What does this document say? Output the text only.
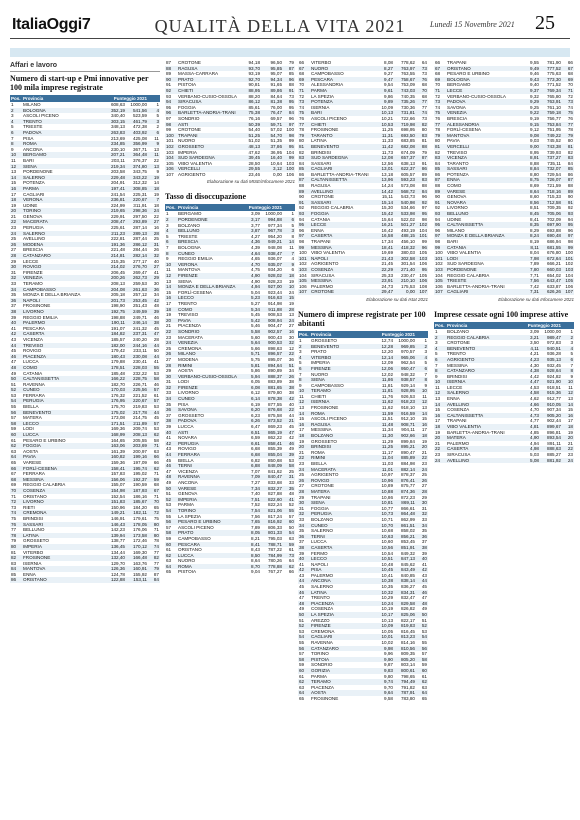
ItaliaOggi7	QUALITÀ DELLA VITA 2021	Lunedì 15 Novembre 2021 25
Affari e lavoro
Numero di start-up e Pmi innovative per 100 mila imprese registrate
Pos. Provincia	Punteggio 2021
1	MILANO	608,63	1000,00	1
2	BOLOGNA	352,19	541,56	4
3	ASCOLI PICENO	340,40	523,59	5
4	TRENTO	303,15	461,79	3
5	TRIESTE	348,13	472,38	2
6	PADOVA	263,83	403,92	6
7	PISA	213,69	425,08	11
8	ROMA	234,85	356,99	9
9	ANCONA	230,10	367,71	13
10	BERGAMO	207,21	364,48	11
11	BARI	203,11	376,37	22
12	SIENA	219,34	374,80	13
13	PORDENONE	203,58	343,75	9
14	SALERNO	229,48	343,22	19
15	POTENZA	204,91	312,32	14
16	PARMA	197,41	308,85	18
17	CAGLIARI	241,54	225,31	19
18	VERONA	236,81	220,67	7
19	UDINE	224,99	311,91	18
20	TORINO	219,65	298,36	24
21	GENOVA	229,91	297,50	22
22	MACERATA	208,47	293,89	27
23	PERUGIA	225,61	287,14	16
24	SALERNO	211,23	289,13	28
25	AVELLINO	222,81	287,44	25
26	MODENA	191,36	286,12	31
27	BRESCIA	221,48	284,44	26
28	CATANZARO	214,81	282,14	32
29	LECCE	215,35	277,17	40
30	ROVIGO	214,02	276,70	27
31	FIRENZE	206,45	269,47	41
32	VENEZIA	200,26	262,73	29
33	TERAMO	208,13	259,53	30
34	CAMPOBASSO	204,08	261,63	36
35	MONZA E DELLA BRIANZA	205,18	257,12	34
36	NAPOLI	201,73	253,45	42
37	FROSINONE	198,90	251,43	48
38	LIVORNO	192,75	249,59	39
39	REGGIO EMILIA	198,88	249,71	46
40	PALERMO	190,11	246,14	38
41	PESCARA	191,07	241,32	45
42	CASERTA	184,82	237,31	47
43	VICENZA	185,57	240,20	28
44	TREVISO	182,00	244,16	44
45	ROVIGO	179,42	233,11	50
46	PIACENZA	180,43	230,08	44
47	LUCCA	179,88	230,41	41
48	COMO	178,51	228,03	55
49	CATANIA	185,48	232,22	53
50	CALTANISSETTA	166,22	228,75	58
51	RAVENNA	182,70	226,71	46
52	CUNEO	170,03	225,56	57
53	FERRARA	176,32	221,52	61
54	PERUGIA	176,95	220,67	57
55	BIELLA	175,70	219,83	53
56	BENEVENTO	175,02	217,78	44
57	MATERA	173,08	214,75	45
58	LECCO	171,51	211,89	57
59	LODI	169,36	209,74	53
60	LUCCA	168,99	208,13	62
61	PESARO E URBINO	164,65	205,55	58
62	FOGGIA	163,06	203,69	71
63	AOSTA	161,39	200,97	63
64	PAVIA	160,82	199,16	66
65	VARESE	159,36	197,09	66
66	FORLÌ-CESENA	158,41	195,74	62
67	FERRARA	157,83	195,02	71
68	MESSINA	156,06	192,37	59
69	REGGIO CALABRIA	155,07	190,59	68
70	COSENZA	154,98	187,93	67
71	ORISTANO	152,54	186,16	71
72	LIVORNO	151,83	185,67	70
73	RIETI	150,96	184,20	65
74	CREMONA	149,21	182,11	72
75	BRINDISI	146,91	179,61	75
76	SASSARI	146,43	178,05	80
77	BELLUNO	142,23	176,06	71
78	LATINA	139,94	173,58	80
79	GROSSETO	138,77	172,46	78
80	IMPERIA	136,45	170,12	74
81	VITERBO	134,44	169,30	77
82	FROSINONE	132,40	166,48	82
83	ISERNIA	129,70	163,76	77
84	MANTOVA	126,36	160,91	79
85	ENNA	124,78	155,92	87
86	ORISTANO	122,88	153,11	84
87	CROTONE	94,18	96,50	79
88	RAGUSA	93,70	95,85	87
89	MASSA-CARRARA	93,19	95,07	85
90	PRATO	92,70	94,34	96
91	PISTOIA	90,81	91,65	88
92	CHIETI	88,95	89,86	91
93	VERBANO-CUSIO-OSSOLA	88,20	84,64	73
94	SIRACUSA	86,12	81,38	95
95	FOGGIA	85,61	76,00	95
96	BARLETTA-ANDRIA-TRANI	75,38	76,47	84
97	SONDRIO	76,16	69,57	96
98	ASTI	50,39	59,71	97
99	CROTONE	54,40	57,02 100
100 TRAPANI	51,25	54,70	98
101 NUORO	51,02	51,35	99
102 GROSSETO	48,13	37,86	95
103 IMPERIA	47,62	36,95 104
104 SUD SARDEGNA	39,45	16,40	99
105 VIBO VALENTIA	28,50	10,64 103
106 VERCELLI	29,55	3,12 100
107 AGRIGENTO	23,46	0,00 106
Elaborazione su dati MISE/Infocamere 2021
Tasso di disoccupazione
Pos. Provincia	Punteggio 2021
1	BERGAMO	3,09	1000,00	1
2	PORDENONE	3,17	994,88	6
3	BOLZANO	3,77	977,34	5
4	BELLUNO	3,87	967,78	3
5	TRIESTE	4,27	954,20	8
6	BRESCIA	4,36	949,21	14
7	BOLOGNA	4,39	948,08	11
8	CUNEO	4,64	938,47	7
9	REGGIO EMILIA	4,65	936,07	4
10	VERONA	4,70	935,07	9
11	MANTOVA	4,75	934,20	6
12	FIRENZE	4,90	928,02	18
13	SIENA	4,90	928,23	19
14	MONZA E DELLA BRIANZA	4,94	927,00	10
15	FORLÌ-CESENA	5,04	923,44	24
16	LECCO	5,23	916,63	15
17	TRENTO	5,27	914,98	19
18	COMO	5,34	911,88	28
19	TREVISO	5,45	908,53	13
20	PAVIA	5,42	908,94	24
21	PIACENZA	5,46	904,47	27
22	SONDRIO	5,58	902,57	16
23	MACERATA	5,60	900,43	30
24	VENEZIA	5,64	900,53	32
25	CREMONA	5,66	898,63	12
26	MILANO	5,71	896,57	22
27	MODENA	5,75	895,07	36
28	RIMINI	5,81	894,64	51
29	AOSTA	5,86	890,89	34
30	VERBANO-CUSIO-OSSOLA	5,94	888,37	26
31	LODI	6,05	883,89	38
32	FIRENZE	6,08	881,65	38
33	LIVORNO	6,12	879,80	38
34	CUNEO	6,14	878,38	42
35	PISA	6,19	877,55	40
36	SAVONA	6,20	876,68	22
37	GROSSETO	6,23	875,58	44
38	PADOVA	6,26	873,52	21
39	LUCCA	6,47	869,23	45
40	ASTI	6,51	865,19	47
41	NOVARA	6,59	862,22	42
42	PERUGIA	6,61	858,41	46
43	ROVIGO	6,68	855,39	49
44	FERRARA	6,68	855,04	39
45	BIELLA	6,82	850,68	53
46	TERNI	6,88	848,09	58
47	VICENZA	7,07	841,62	25
48	RAVENNA	7,09	840,47	31
49	ANCONA	7,27	833,68	33
50	VARESE	7,34	832,27	35
51	GENOVA	7,40	827,88	48
52	IMPERIA	7,51	822,60	41
53	PARMA	7,52	822,24	52
54	TORINO	7,54	821,06	55
55	LA SPEZIA	7,56	817,24	57
56	PESARO E URBINO	7,65	816,92	60
57	ASCOLI PICENO	7,89	806,33	50
58	PRATO	8,05	801,33	54
59	CAMPOBASSO	8,21	795,03	63
60	PESCARA	8,41	788,71	59
61	ORISTANO	8,43	787,22	61
62	LUCCA	8,50	784,99	73
63	NUORO	8,64	780,26	64
64	ROMA	8,70	778,88	62
65	PISTOIA	9,04	767,27	66
66	VITERBO	8,08	778,62	64
67	NUORO	8,27	763,97	73
68	CAMPOBASSO	9,27	763,55	73
69	PESCARA	9,47	758,67	76
70	ALESSANDRIA	9,54	753,09	68
71	PARMA	9,61	743,03	70
72	LA SPEZIA	9,86	740,35	68
73	POTENZA	9,89	735,26	77
74	ISERNIA	10,09	730,36	77
75	BARI	10,13	731,81	74
76	ASCOLI PICENO	10,21	722,66	73
77	CHIETI	10,53	719,98	82
78	FROSINONE	11,25	698,95	80
79	TARANTO	11,31	693,50	83
80	LATINA	11,33	683,85	81
81	BENEVENTO	11,42	682,08	88
82	BRINDISI	11,73	674,09	79
83	SUD SARDEGNA	12,08	657,37	87
84	SASSARI	12,56	638,13	91
85	CAGLIARI	13,01	622,37	86
86	BARLETTA-ANDRIA-TRANI	13,18	605,57	89
87	CALTANISSETTA	13,96	593,23	83
88	RAGUSA	14,24	573,08	88
89	AVELLINO	14,42	568,72	84
90	CROTONE	15,11	543,73	96
91	SASSARI	15,14	540,98	92
92	REGGIO CALABRIA	15,30	534,66	97
93	FOGGIA	15,42	533,98	95
94	CATANIA	15,64	522,02	98
95	LECCE	16,21	501,27 102
96	ENNA	16,42	493,19 104
97	CASERTA	16,58	488,15 101
98	TRAPANI	17,34	456,10	99
99	MESSINA	18,41	418,32	96
100 VIBO VALENTIA	19,69	380,03 105
101 NAPOLI	21,43	302,58 103
102 AGRIGENTO	21,45	301,54 106
103 COSENZA	22,29	271,40	95
104 SIRACUSA	25,33	230,47 105
105 MESSINA	23,91	210,10 106
106 PALERMO	24,73	175,53 108
107 CROTONE	29,47	0,00 107
Elaborazione su dati Istat 2021
Numero di imprese registrate per 100 abitanti
Pos. Provincia	Punteggio 2021
1	GROSSETO	12,74	1000,00	1
2	BENEVENTO	12,28	969,85	2
3	PRATO	12,20	970,57	3
4	VITERBO	12,14	965,06	4
5	IMPERIA	12,09	962,54	5
6	FIRENZE	12,06	950,47	6
7	NUORO	12,02	948,32	7
8	SIENA	11,86	938,57	8
9	CAMPOBASSO	11,81	929,14	9
10	TERAMO	11,81	928,95	10
11	CHIETI	11,76	926,53	11
12	ISERNIA	11,62	918,23	12
13	FROSINONE	11,62	918,10	13
14	ROMA	11,59	916,59	14
15	ASCOLI PICENO	11,51	912,10	15
16	RAGUSA	11,48	908,71	16
17	MESSINA	11,34	904,11	17
18	BOLZANO	11,30	902,66	18
19	GROSSETO	11,29	899,84	19
20	BRINDISI	11,25	895,21	20
21	ROMA	11,17	890,47	21
22	RIMINI	11,04	885,89	22
23	BIELLA	11,03	884,98	23
24	MACERATA	11,01	882,14	24
25	AGRIGENTO	10,97	878,37	25
26	ROVIGO	10,96	876,41	26
27	CROTONE	10,89	875,77	27
28	MATERA	10,88	874,36	28
29	TRAPANI	10,86	872,23	29
30	SIENA	10,81	869,11	30
31	FOGGIA	10,77	866,61	31
32	PERUGIA	10,73	864,48	32
33	BOLZANO	10,71	862,99	33
34	CUNEO	10,70	861,51	34
35	SALERNO	10,68	858,02	35
36	TERNI	10,63	856,21	36
37	LUCCA	10,60	853,45	37
38	CASERTA	10,56	851,91	38
39	FERMO	10,54	849,32	39
40	LECCO	10,51	847,13	40
41	NAPOLI	10,48	845,62	41
42	PISA	10,45	843,49	42
43	PALERMO	10,41	840,85	43
44	ANCONA	10,38	838,14	44
45	SALERNO	10,35	836,27	45
46	LATINA	10,32	834,31	46
47	TRENTO	10,29	832,47	47
48	PIACENZA	10,24	829,58	48
49	COSENZA	10,19	826,82	49
50	LA SPEZIA	10,17	825,06	50
51	AREZZO	10,13	822,17	51
52	FIRENZE	10,09	819,83	52
53	CREMONA	10,05	816,45	53
54	CAGLIARI	10,01	813,23	54
55	RAVENNA	10,02	814,16	55
56	CATANZARO	9,98	810,56	56
57	TORINO	9,96	809,35	57
58	PISTOIA	9,90	805,20	58
59	SONDRIO	9,87	803,14	59
60	GORIZIA	9,83	800,61	60
61	PARMA	9,80	798,65	61
62	TERAMO	9,74	794,49	62
63	PIACENZA	9,70	791,82	63
64	AOSTA	9,64	787,91	64
65	FROSINONE	9,58	783,80	65
66	TRAPANI	9,55	781,90	66
67	ORISTANO	9,49	777,52	67
68	PESARO E URBINO	9,46	775,63	68
69	BOLOGNA	9,43	773,30	69
70	BERGAMO	9,40	771,52	70
71	LECCE	9,37	769,34	71
72	VERBANO-CUSIO-OSSOLA	9,32	765,80	72
73	PADOVA	9,29	763,91	73
74	SAVONA	9,25	761,10	74
75	VENEZIA	9,22	759,18	75
76	BRESCIA	9,19	756,77	76
77	ALESSANDRIA	9,15	753,84	77
78	FORLÌ-CESENA	9,12	751,95	78
79	MANTOVA	9,08	749,22	79
80	PAVIA	9,03	745,52	80
81	VERCELLI	9,00	743,38	81
82	TREVISO	8,95	739,93	82
83	VICENZA	8,91	737,27	83
84	TARANTO	8,88	735,11	84
85	SASSARI	8,84	732,07	85
86	POTENZA	8,80	729,54	86
87	ENNA	8,75	726,07	87
88	COMO	8,69	721,59	88
89	VARESE	8,64	718,16	89
90	GENOVA	8,60	715,33	90
91	NOVARA	8,56	712,58	91
92	LIVORNO	8,51	709,35	92
93	BELLUNO	8,45	705,06	93
94	UDINE	8,41	702,09	94
95	CALTANISSETTA	8,35	697,90	95
96	MILANO	8,29	693,88	96
97	MONZA E DELLA BRIANZA	8,24	690,48	97
98	BARI	8,19	686,94	98
99	CATANIA	8,11	681,55	99
100 VIBO VALENTIA	8,04	676,80 100
101 LODI	7,98	672,64 101
102 SUD SARDEGNA	7,89	666,21 102
103 PORDENONE	7,80	660,03 103
104 REGGIO CALABRIA	7,71	654,02 104
105 TRIESTE	7,56	643,47 105
106 BARLETTA-ANDRIA-TRANI	7,42	633,87 106
107 CAGLIARI	7,31	626,26 107
Elaborazione su dati Infocamere 2021
Imprese cessate ogni 100 imprese attive
Pos. Provincia	Punteggio 2021
1	BOLZANO	3,09	1000,00	1
2	REGGIO CALABRIA	3,21	989,47	2
3	CROTONE	3,50	972,83	3
4	BENEVENTO	4,11	940,51	4
5	TRENTO	4,21	936,28	5
6	AGRIGENTO	4,23	935,13	6
7	MESSINA	4,30	932,45	7
8	CATANZARO	4,38	928,64	8
9	BRINDISI	4,42	924,82	9
10	ISERNIA	4,47	921,90	10
11	LECCE	4,53	918,51	11
12	SALERNO	4,58	915,36	12
13	ENNA	4,62	912,77	13
14	AVELLINO	4,66	910,05	14
15	COSENZA	4,70	907,34	15
16	CALTANISSETTA	4,73	905,20	16
17	TRAPANI	4,77	902,44	17
18	VIBO VALENTIA	4,81	899,67	18
19	BARLETTA-ANDRIA-TRANI	4,85	896,81	19
20	MATERA	4,90	893,54	20
21	PALERMO	4,94	891,11	21
22	CASERTA	4,98	888,63	22
23	SIRACUSA	5,03	885,27	23
24	AVELLINO	5,08	881,92	24
